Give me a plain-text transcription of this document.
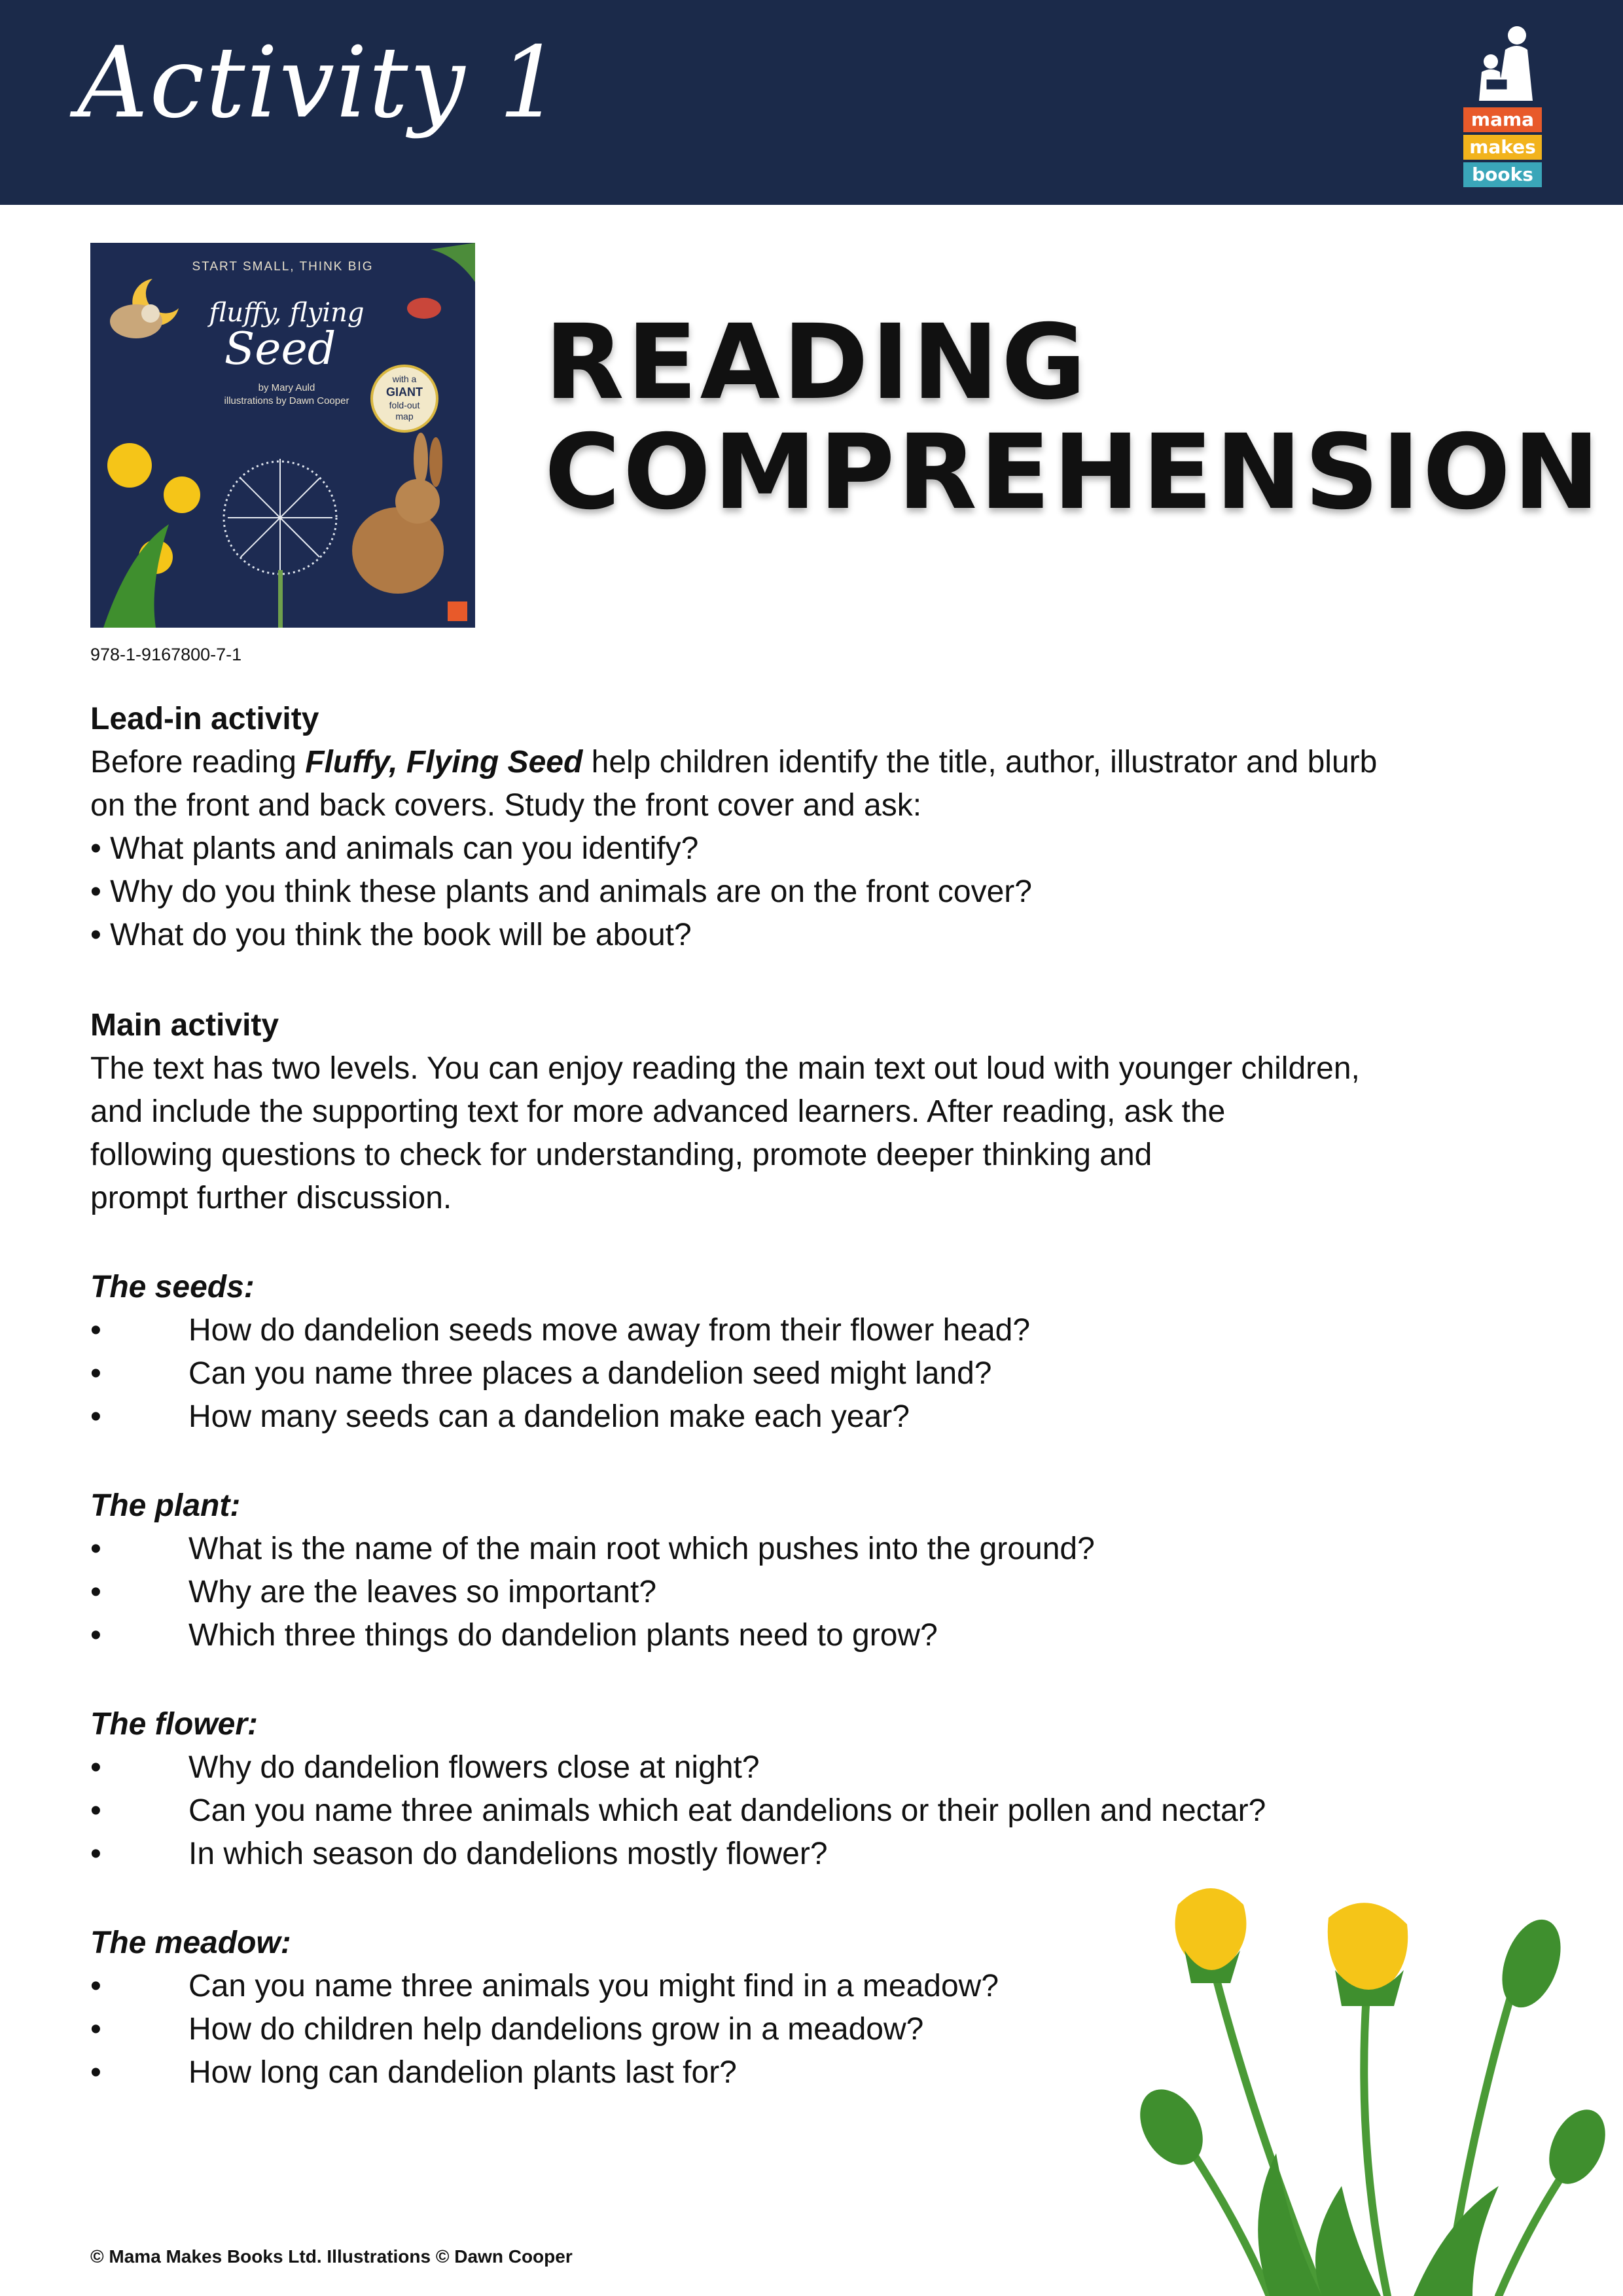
Activity 1	mama
makes
books
START SMALL, THINK BIG
fluffy, flying
Seed
by Mary Auld
illustrations by Dawn Cooper
with a
GIANT
fold-out
map
978-1-9167800-7-1
READING
COMPREHENSION

Lead-in activity

Before reading Fluffy, Flying Seed help children identify the title, author, illustrator and blurb

on the front and back covers. Study the front cover and ask:

• What plants and animals can you identify?

• Why do you think these plants and animals are on the front cover?

• What do you think the book will be about?

Main activity

The text has two levels. You can enjoy reading the main text out loud with younger children,

and include the supporting text for more advanced learners. After reading, ask the

following questions to check for understanding, promote deeper thinking and

prompt further discussion.

The seeds:

• How do dandelion seeds move away from their flower head?

• Can you name three places a dandelion seed might land?

• How many seeds can a dandelion make each year?

The plant:

• What is the name of the main root which pushes into the ground?

• Why are the leaves so important?

• Which three things do dandelion plants need to grow?

The flower:

• Why do dandelion flowers close at night?

• Can you name three animals which eat dandelions or their pollen and nectar?

• In which season do dandelions mostly flower?

The meadow:

• Can you name three animals you might find in a meadow?

• How do children help dandelions grow in a meadow?

• How long can dandelion plants last for?

© Mama Makes Books Ltd. Illustrations © Dawn Cooper
